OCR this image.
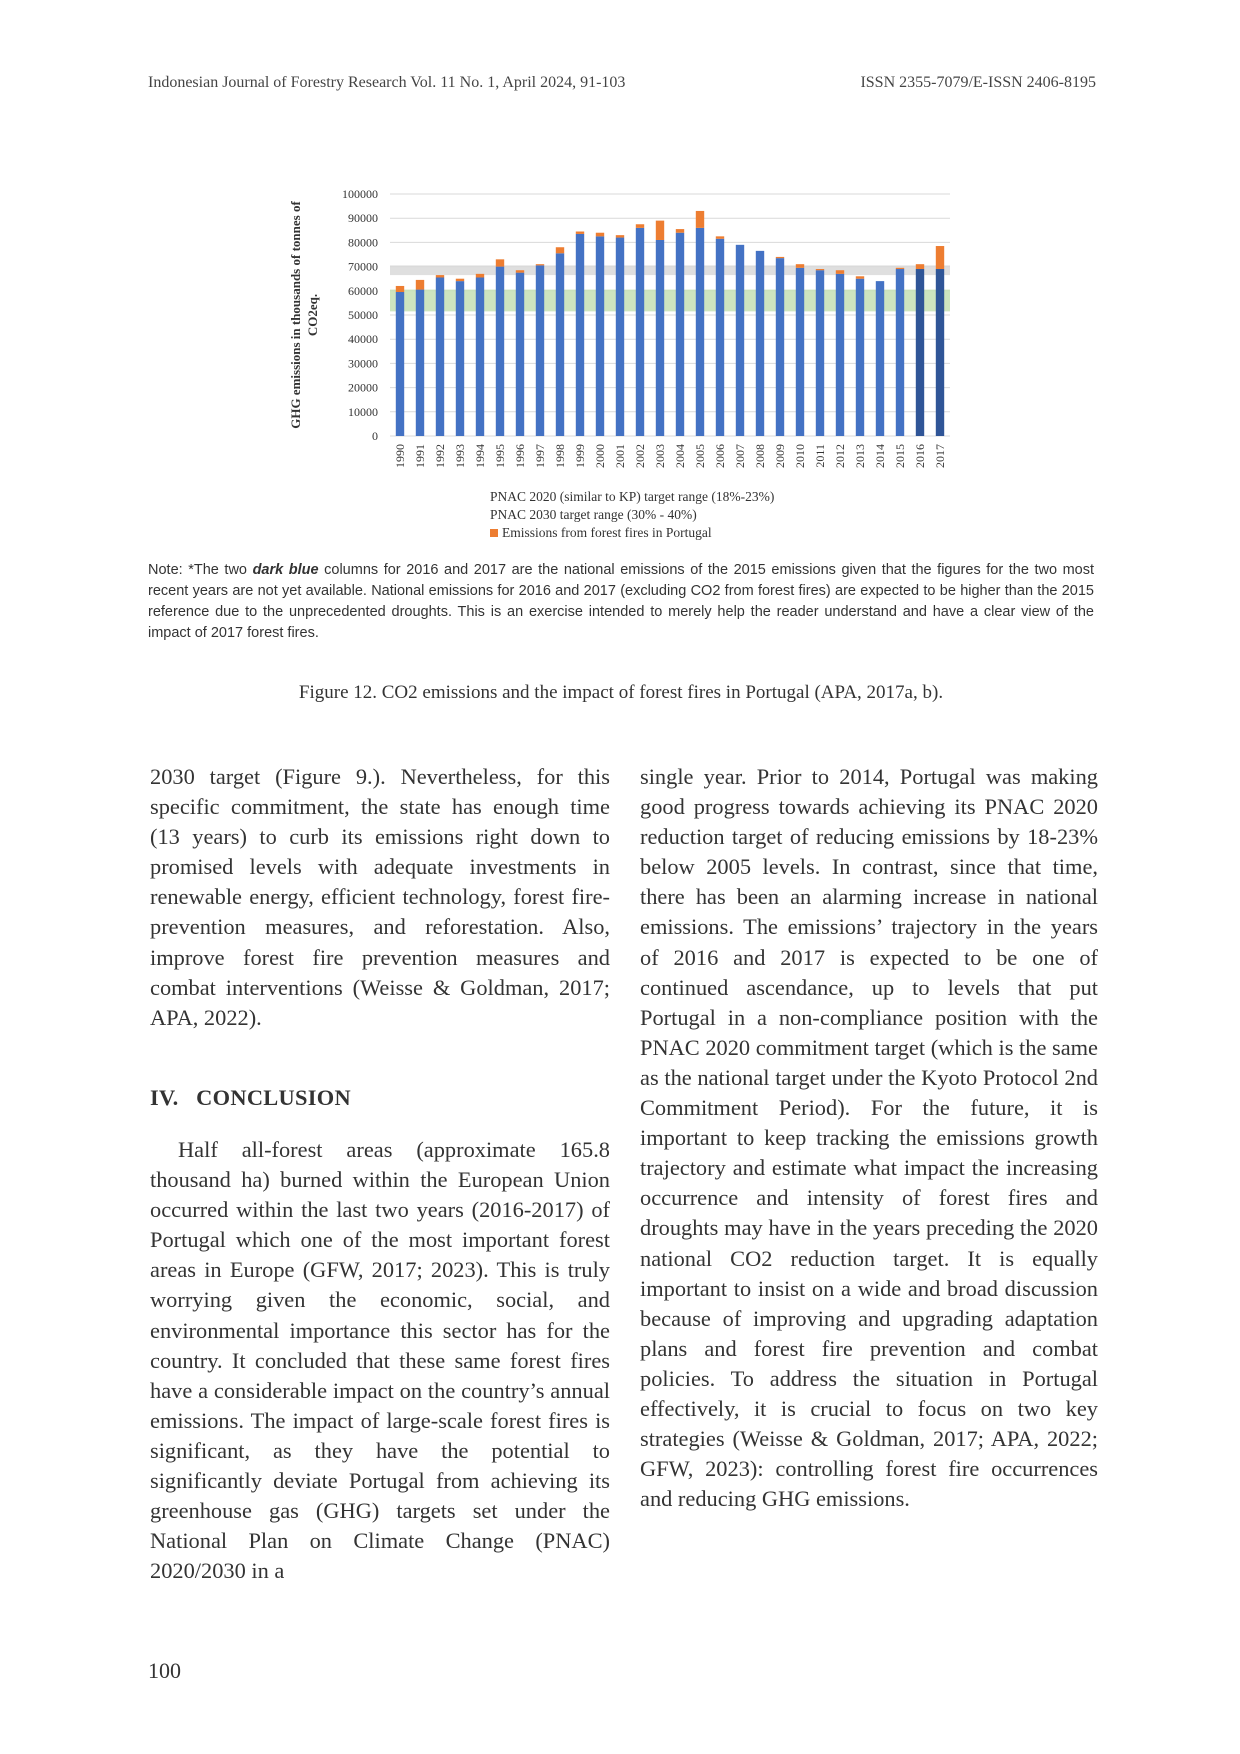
Indonesian Journal of Forestry Research Vol. 11 No. 1, April 2024, 91-103	ISSN 2355-7079/E-ISSN 2406-8195
100000
90000
80000
70000
60000
50000
40000
30000
20000
10000
0
1990 1991 1992 1993 1994 1995 1996 1997 1998 1999 2000 2001 2002 2003 2004 2005 2006 2007 2008 2009 2010 2011 2012 2013 2014 2015 2016 2017
GHG emissions in thousands of tonnes of CO2eq.
PNAC 2020 (similar to KP) target range (18%-23%)
PNAC 2030 target range (30% - 40%)
Emissions from forest fires in Portugal
Note: *The two dark blue columns for 2016 and 2017 are the national emissions of the 2015 emissions given that the figures for the two most recent years are not yet available. National emissions for 2016 and 2017 (excluding CO2 from forest fires) are expected to be higher than the 2015 reference due to the unprecedented droughts. This is an exercise intended to merely help the reader understand and have a clear view of the impact of 2017 forest fires.
Figure 12. CO2 emissions and the impact of forest fires in Portugal (APA, 2017a, b).

2030 target (Figure 9.). Nevertheless, for this specific commitment, the state has enough time (13 years) to curb its emissions right down to promised levels with adequate investments in renewable energy, efficient technology, forest fire-prevention measures, and reforestation. Also, improve forest fire prevention measures and combat interventions (Weisse & Goldman, 2017; APA, 2022).

IV.   CONCLUSION

Half all-forest areas (approximate 165.8 thousand ha) burned within the European Union occurred within the last two years (2016-2017) of Portugal which one of the most important forest areas in Europe (GFW, 2017; 2023). This is truly worrying given the economic, social, and environmental importance this sector has for the country. It concluded that these same forest fires have a considerable impact on the country’s annual emissions. The impact of large-scale forest fires is significant, as they have the potential to significantly deviate Portugal from achieving its greenhouse gas (GHG) targets set under the National Plan on Climate Change (PNAC) 2020/2030 in a

single year. Prior to 2014, Portugal was making good progress towards achieving its PNAC 2020 reduction target of reducing emissions by 18-23% below 2005 levels. In contrast, since that time, there has been an alarming increase in national emissions. The emissions’ trajectory in the years of 2016 and 2017 is expected to be one of continued ascendance, up to levels that put Portugal in a non-compliance position with the PNAC 2020 commitment target (which is the same as the national target under the Kyoto Protocol 2nd Commitment Period). For the future, it is important to keep tracking the emissions growth trajectory and estimate what impact the increasing occurrence and intensity of forest fires and droughts may have in the years preceding the 2020 national CO2 reduction target. It is equally important to insist on a wide and broad discussion because of improving and upgrading adaptation plans and forest fire prevention and combat policies. To address the situation in Portugal effectively, it is crucial to focus on two key strategies (Weisse & Goldman, 2017; APA, 2022; GFW, 2023): controlling forest fire occurrences and reducing GHG emissions.

100
